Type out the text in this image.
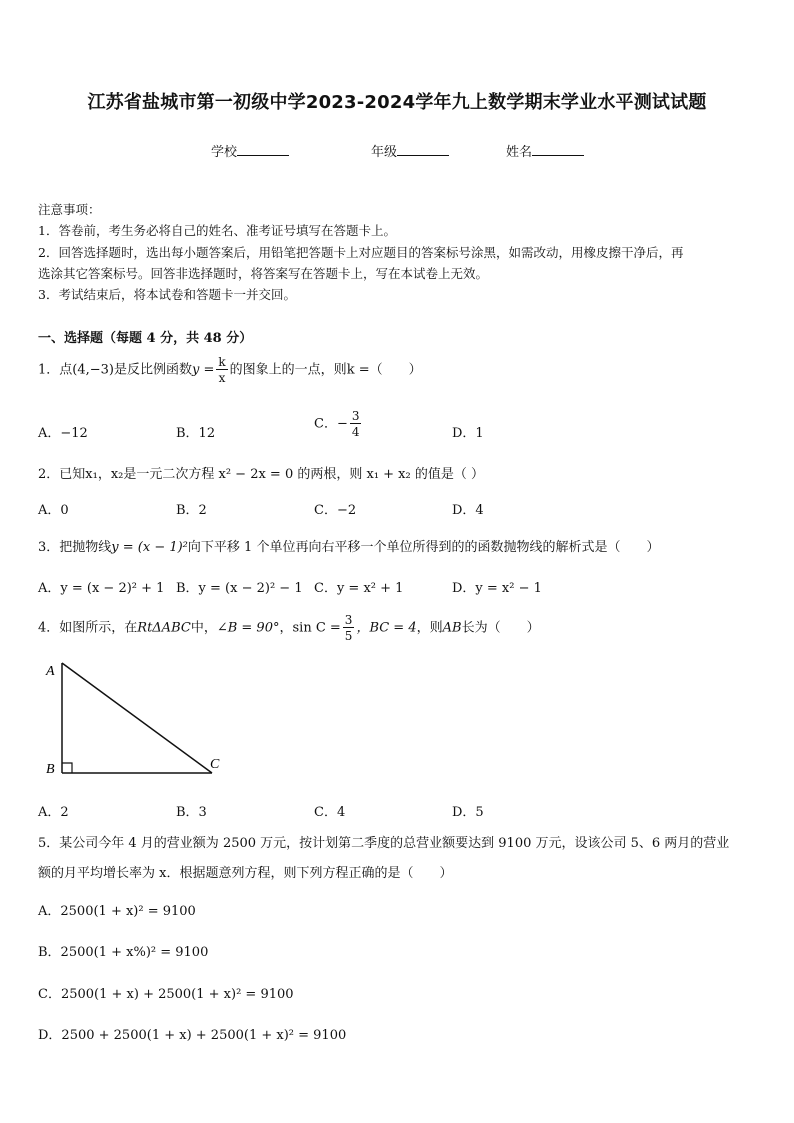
江苏省盐城市第一初级中学2023-2024学年九上数学期末学业水平测试试题
学校	年级	姓名
注意事项：
1．答卷前，考生务必将自己的姓名、准考证号填写在答题卡上。
2．回答选择题时，选出每小题答案后，用铅笔把答题卡上对应题目的答案标号涂黑，如需改动，用橡皮擦干净后，再
选涂其它答案标号。回答非选择题时，将答案写在答题卡上，写在本试卷上无效。
3．考试结束后，将本试卷和答题卡一并交回。
一、选择题（每题 4 分，共 48 分）
1．点(4,−3)是反比例函数$y = \frac{k}{x}$ 的图象上的一点，则k =（　　）
A．−12	B．12
C．− $\frac{3}{4}$	D．1
2．已知x₁，x₂是一元二次方程 x² − 2x = 0 的两根，则 x₁ + x₂ 的值是（ ）
A．0	B．2	C．−2	D．4
3．把抛物线y = (x − 1)²向下平移 1 个单位再向右平移一个单位所得到的的函数抛物线的解析式是（　　）
A．y = (x − 2)² + 1 B．y = (x − 2)² − 1 C．y = x² + 1	D．y = x² − 1
4．如图所示，在RtΔABC中，∠B = 90°，$\sin C = \frac{3}{5}$ ，BC = 4，则AB长为（　　）
A
B	C
A．2	B．3	C．4	D．5
5．某公司今年 4 月的营业额为 2500 万元，按计划第二季度的总营业额要达到 9100 万元，设该公司 5、6 两月的营业
额的月平均增长率为 x．根据题意列方程，则下列方程正确的是（　　）
A．2500(1 + x)² = 9100
B．2500(1 + x%)² = 9100
C．2500(1 + x) + 2500(1 + x)² = 9100
D．2500 + 2500(1 + x) + 2500(1 + x)² = 9100
